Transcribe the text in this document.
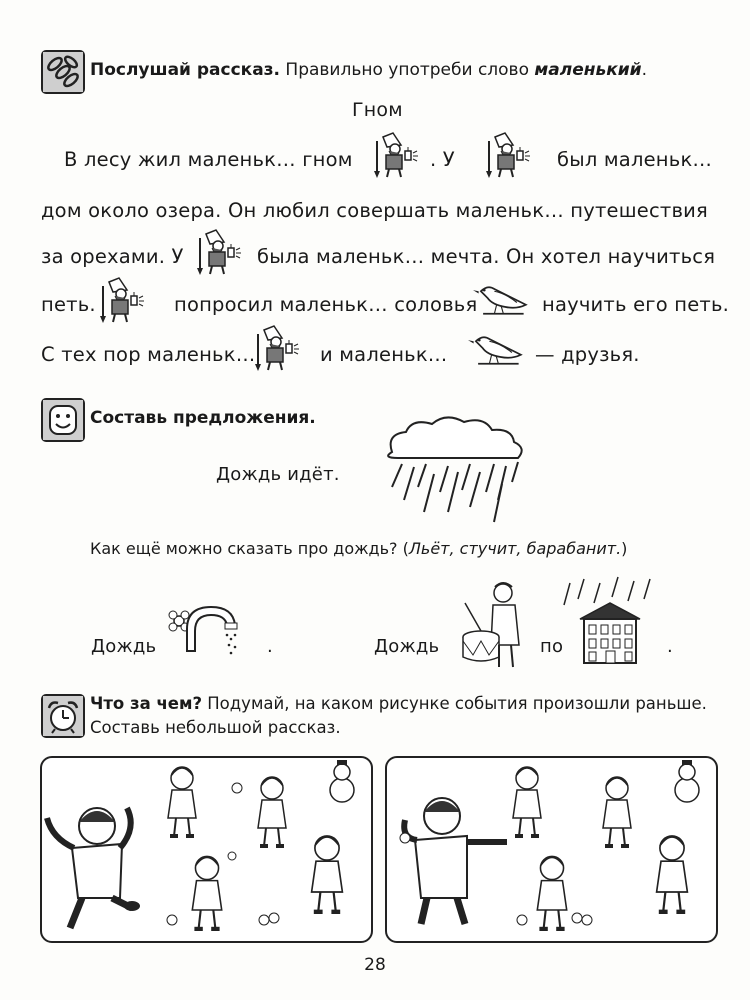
Послушай рассказ. Правильно употреби слово маленький.
Гном
В лесу жил маленьк… гном	. У	был маленьк…
дом около озера. Он любил совершать маленьк… путешествия
за орехами. У	была маленьк… мечта. Он хотел научиться
петь.	попросил маленьк… соловья	научить его петь.
С тех пор маленьк…	и маленьк…	— друзья.
Составь предложения.
Дождь идёт.
Как ещё можно сказать про дождь? (Льёт, стучит, барабанит.)
Дождь	.	Дождь	по	.
Что за чем? Подумай, на каком рисунке события произошли раньше.
Составь небольшой рассказ.
28
